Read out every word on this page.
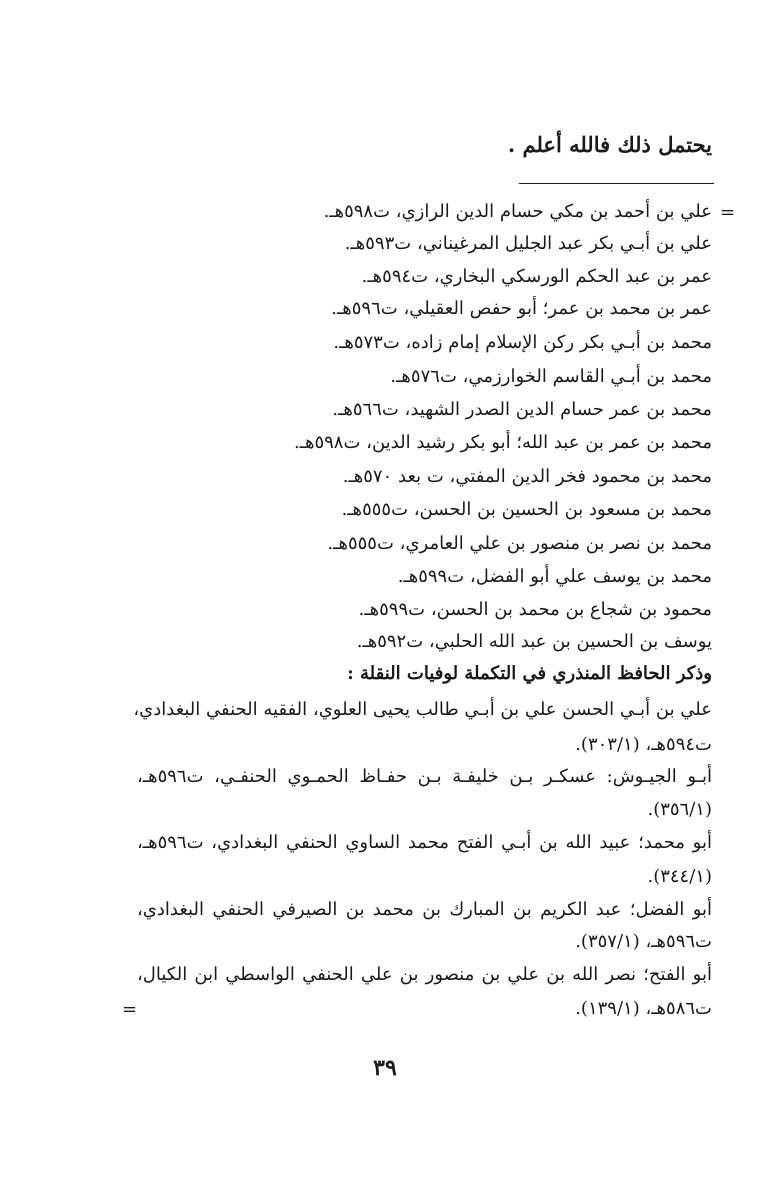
يحتمل ذلك فالله أعلم .
=
علي بن أحمد بن مكي حسام الدين الرازي، ت٥٩٨هـ.
علي بن أبـي بكر عبد الجليل المرغيناني، ت٥٩٣هـ.
عمر بن عبد الحكم الورسكي البخاري، ت٥٩٤هـ.
عمر بن محمد بن عمر؛ أبو حفص العقيلي، ت٥٩٦هـ.
محمد بن أبـي بكر ركن الإسلام إمام زاده، ت٥٧٣هـ.
محمد بن أبـي القاسم الخوارزمي، ت٥٧٦هـ.
محمد بن عمر حسام الدين الصدر الشهيد، ت٥٦٦هـ.
محمد بن عمر بن عبد الله؛ أبو بكر رشيد الدين، ت٥٩٨هـ.
محمد بن محمود فخر الدين المفتي، ت بعد ٥٧٠هـ.
محمد بن مسعود بن الحسين بن الحسن، ت٥٥٥هـ.
محمد بن نصر بن منصور بن علي العامري، ت٥٥٥هـ.
محمد بن يوسف علي أبو الفضل، ت٥٩٩هـ.
محمود بن شجاع بن محمد بن الحسن، ت٥٩٩هـ.
يوسف بن الحسين بن عبد الله الحلبي، ت٥٩٢هـ.
وذكر الحافظ المنذري في التكملة لوفيات النقلة :
علي بن أبـي الحسن علي بن أبـي طالب يحيى العلوي، الفقيه الحنفي البغدادي،
ت٥٩٤هـ، (٣٠٣/١).
أبـو الجيـوش: عسكـر بـن خليفـة بـن حفـاظ الحمـوي الحنفـي، ت٥٩٦هـ،
(٣٥٦/١).
أبو محمد؛ عبيد الله بن أبـي الفتح محمد الساوي الحنفي البغدادي، ت٥٩٦هـ،
(٣٤٤/١).
أبو الفضل؛ عبد الكريم بن المبارك بن محمد بن الصيرفي الحنفي البغدادي،
ت٥٩٦هـ، (٣٥٧/١).
أبو الفتح؛ نصر الله بن علي بن منصور بن علي الحنفي الواسطي ابن الكيال،
ت٥٨٦هـ، (١٣٩/١).
=
٣٩
